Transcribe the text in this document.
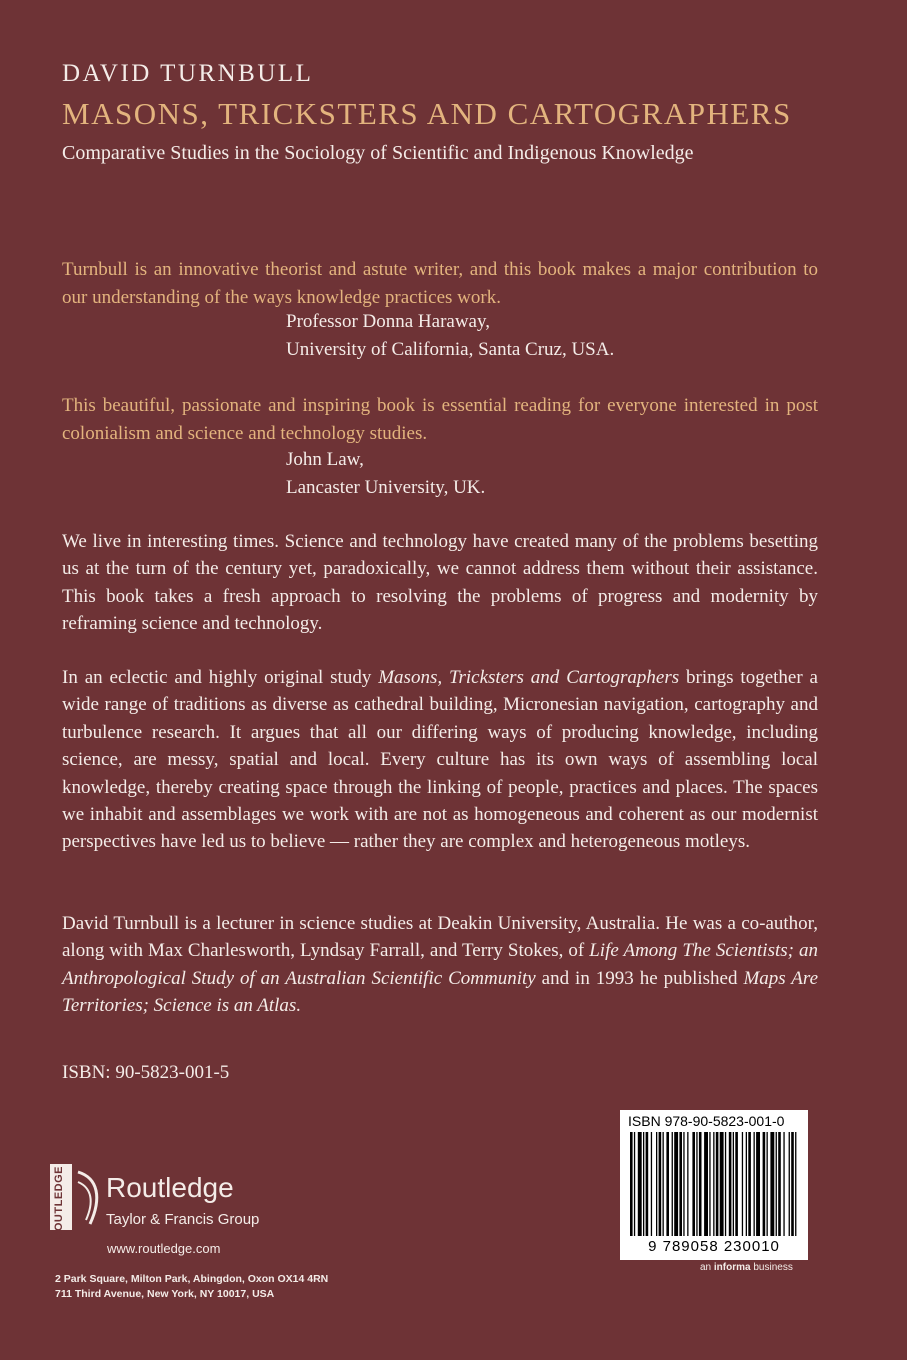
DAVID TURNBULL
MASONS, TRICKSTERS AND CARTOGRAPHERS
Comparative Studies in the Sociology of Scientific and Indigenous Knowledge
Turnbull is an innovative theorist and astute writer, and this book makes a major contribution to our understanding of the ways knowledge practices work.
Professor Donna Haraway,
University of California, Santa Cruz, USA.
This beautiful, passionate and inspiring book is essential reading for everyone interested in post colonialism and science and technology studies.
John Law,
Lancaster University, UK.
We live in interesting times. Science and technology have created many of the problems besetting us at the turn of the century yet, paradoxically, we cannot address them without their assistance. This book takes a fresh approach to resolving the problems of progress and modernity by reframing science and technology.
In an eclectic and highly original study Masons, Tricksters and Cartographers brings together a wide range of traditions as diverse as cathedral building, Micronesian navigation, cartography and turbulence research. It argues that all our differing ways of producing knowledge, including science, are messy, spatial and local. Every culture has its own ways of assembling local knowledge, thereby creating space through the linking of people, practices and places. The spaces we inhabit and assemblages we work with are not as homogeneous and coherent as our modernist perspectives have led us to believe — rather they are complex and heterogeneous motleys.
David Turnbull is a lecturer in science studies at Deakin University, Australia. He was a co-author, along with Max Charlesworth, Lyndsay Farrall, and Terry Stokes, of Life Among The Scientists; an Anthropological Study of an Australian Scientific Community and in 1993 he published Maps Are Territories; Science is an Atlas.
ISBN: 90-5823-001-5
ROUTLEDGE Routledge
Taylor & Francis Group
www.routledge.com
2 Park Square, Milton Park, Abingdon, Oxon OX14 4RN
711 Third Avenue, New York, NY 10017, USA
ISBN 978-90-5823-001-0
9 789058 230010
an informa business
